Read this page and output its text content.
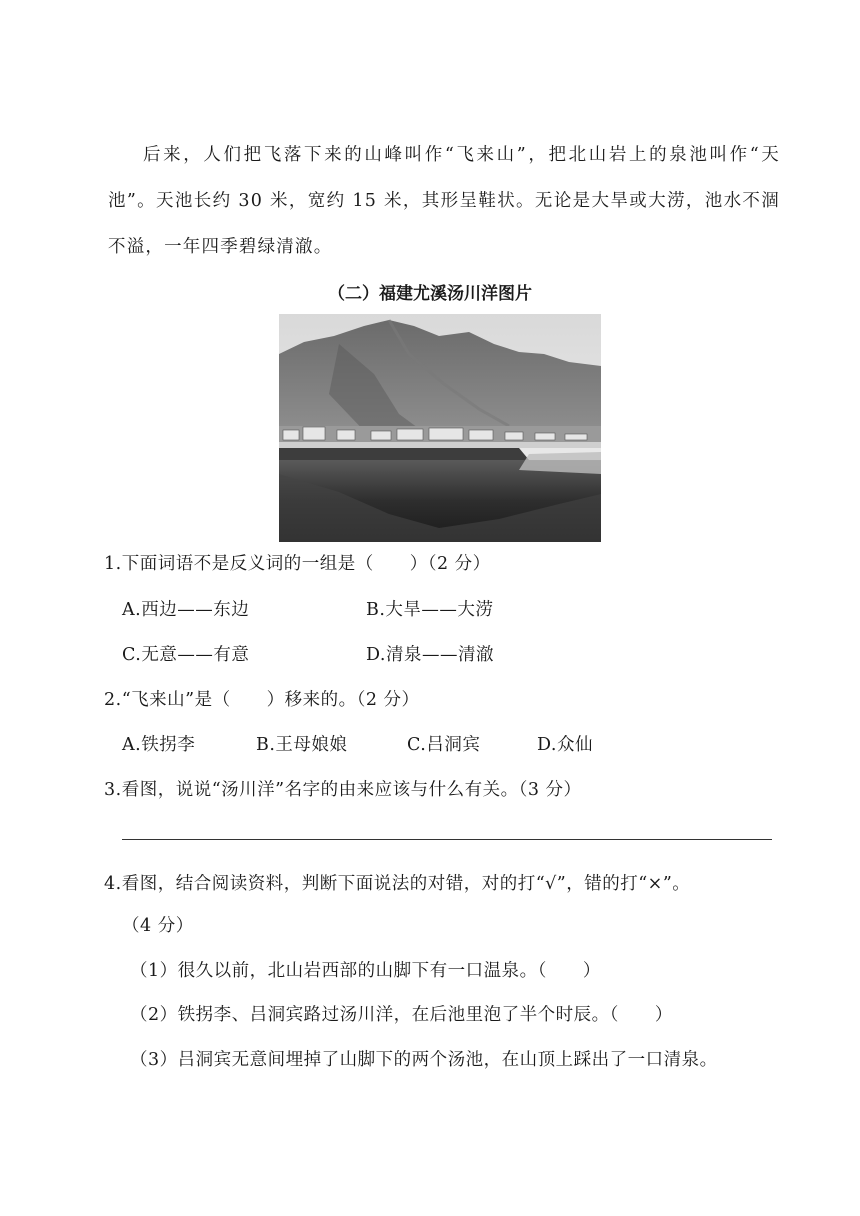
后来，人们把飞落下来的山峰叫作“飞来山”，把北山岩上的泉池叫作“天池”。天池长约 30 米，宽约 15 米，其形呈鞋状。无论是大旱或大涝，池水不涸不溢，一年四季碧绿清澈。

（二）福建尤溪汤川洋图片
1.下面词语不是反义词的一组是（　　）（2 分）
A.西边——东边	B.大旱——大涝
C.无意——有意	D.清泉——清澈
2.“飞来山”是（　　）移来的。（2 分）
A.铁拐李	B.王母娘娘	C.吕洞宾	D.众仙
3.看图，说说“汤川洋”名字的由来应该与什么有关。（3 分）
4.看图，结合阅读资料，判断下面说法的对错，对的打“√”，错的打“×”。
（4 分）
（1）很久以前，北山岩西部的山脚下有一口温泉。（　　）
（2）铁拐李、吕洞宾路过汤川洋，在后池里泡了半个时辰。（　　）
（3）吕洞宾无意间埋掉了山脚下的两个汤池，在山顶上踩出了一口清泉。
